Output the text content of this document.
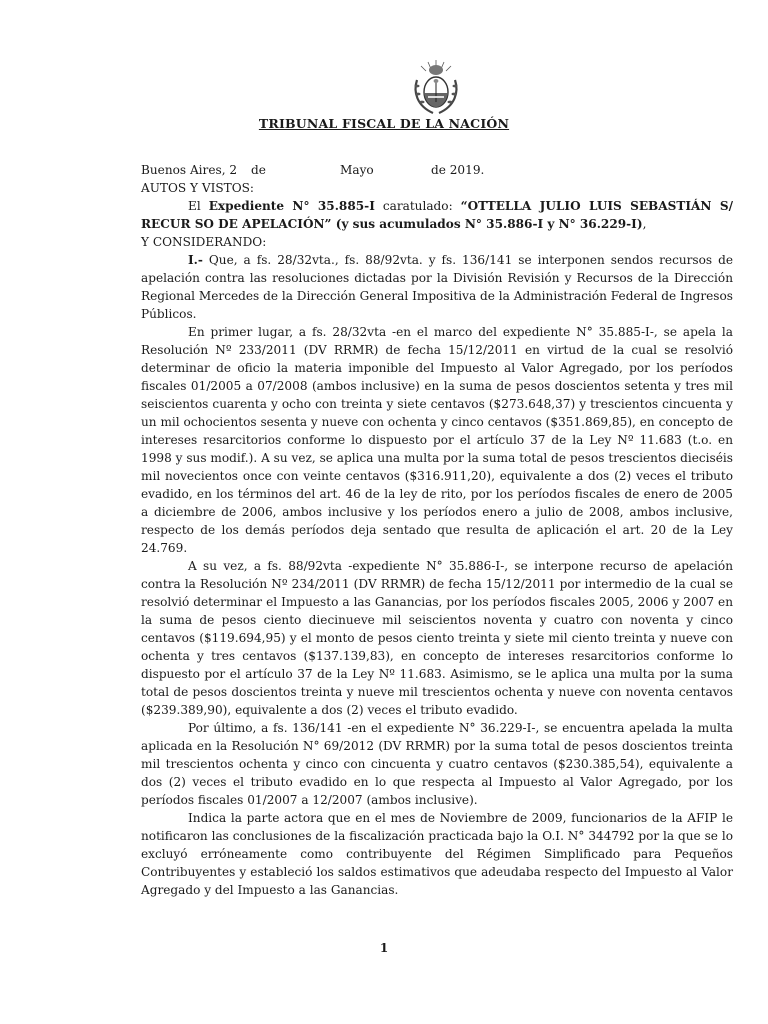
TRIBUNAL FISCAL DE LA NACIÓN
Buenos Aires, 2	de	Mayo	de 2019.
AUTOS Y VISTOS:

El Expediente N° 35.885-I caratulado: “OTTELLA JULIO LUIS SEBASTIÁN S/ RECUR SO DE APELACIÓN” (y sus acumulados N° 35.886-I y N° 36.229-I),

Y CONSIDERANDO:

I.- Que, a fs. 28/32vta., fs. 88/92vta. y fs. 136/141 se interponen sendos recursos de apelación contra las resoluciones dictadas por la División Revisión y Recursos de la Dirección Regional Mercedes de la Dirección General Impositiva de la Administración Federal de Ingresos Públicos.

En primer lugar, a fs. 28/32vta -en el marco del expediente N° 35.885-I-, se apela la Resolución Nº 233/2011 (DV RRMR) de fecha 15/12/2011 en virtud de la cual se resolvió determinar de oficio la materia imponible del Impuesto al Valor Agregado, por los períodos fiscales 01/2005 a 07/2008 (ambos inclusive) en la suma de pesos doscientos setenta y tres mil seiscientos cuarenta y ocho con treinta y siete centavos ($273.648,37) y trescientos cincuenta y un mil ochocientos sesenta y nueve con ochenta y cinco centavos ($351.869,85), en concepto de intereses resarcitorios conforme lo dispuesto por el artículo 37 de la Ley Nº 11.683 (t.o. en 1998 y sus modif.). A su vez, se aplica una multa por la suma total de pesos trescientos dieciséis mil novecientos once con veinte centavos ($316.911,20), equivalente a dos (2) veces el tributo evadido, en los términos del art. 46 de la ley de rito, por los períodos fiscales de enero de 2005 a diciembre de 2006, ambos inclusive y los períodos enero a julio de 2008, ambos inclusive, respecto de los demás períodos deja sentado que resulta de aplicación el art. 20 de la Ley 24.769.

A su vez, a fs. 88/92vta -expediente N° 35.886-I-, se interpone recurso de apelación contra la Resolución Nº 234/2011 (DV RRMR) de fecha 15/12/2011 por intermedio de la cual se resolvió determinar el Impuesto a las Ganancias, por los períodos fiscales 2005, 2006 y 2007 en la suma de pesos ciento diecinueve mil seiscientos noventa y cuatro con noventa y cinco centavos ($119.694,95) y el monto de pesos ciento treinta y siete mil ciento treinta y nueve con ochenta y tres centavos ($137.139,83), en concepto de intereses resarcitorios conforme lo dispuesto por el artículo 37 de la Ley Nº 11.683. Asimismo, se le aplica una multa por la suma total de pesos doscientos treinta y nueve mil trescientos ochenta y nueve con noventa centavos ($239.389,90), equivalente a dos (2) veces el tributo evadido.

Por último, a fs. 136/141 -en el expediente N° 36.229-I-, se encuentra apelada la multa aplicada en la Resolución N° 69/2012 (DV RRMR) por la suma total de pesos doscientos treinta mil trescientos ochenta y cinco con cincuenta y cuatro centavos ($230.385,54), equivalente a dos (2) veces el tributo evadido en lo que respecta al Impuesto al Valor Agregado, por los períodos fiscales 01/2007 a 12/2007 (ambos inclusive).

Indica la parte actora que en el mes de Noviembre de 2009, funcionarios de la AFIP le notificaron las conclusiones de la fiscalización practicada bajo la O.I. N° 344792 por la que se lo excluyó erróneamente como contribuyente del Régimen Simplificado para Pequeños Contribuyentes y estableció los saldos estimativos que adeudaba respecto del Impuesto al Valor Agregado y del Impuesto a las Ganancias.

1
